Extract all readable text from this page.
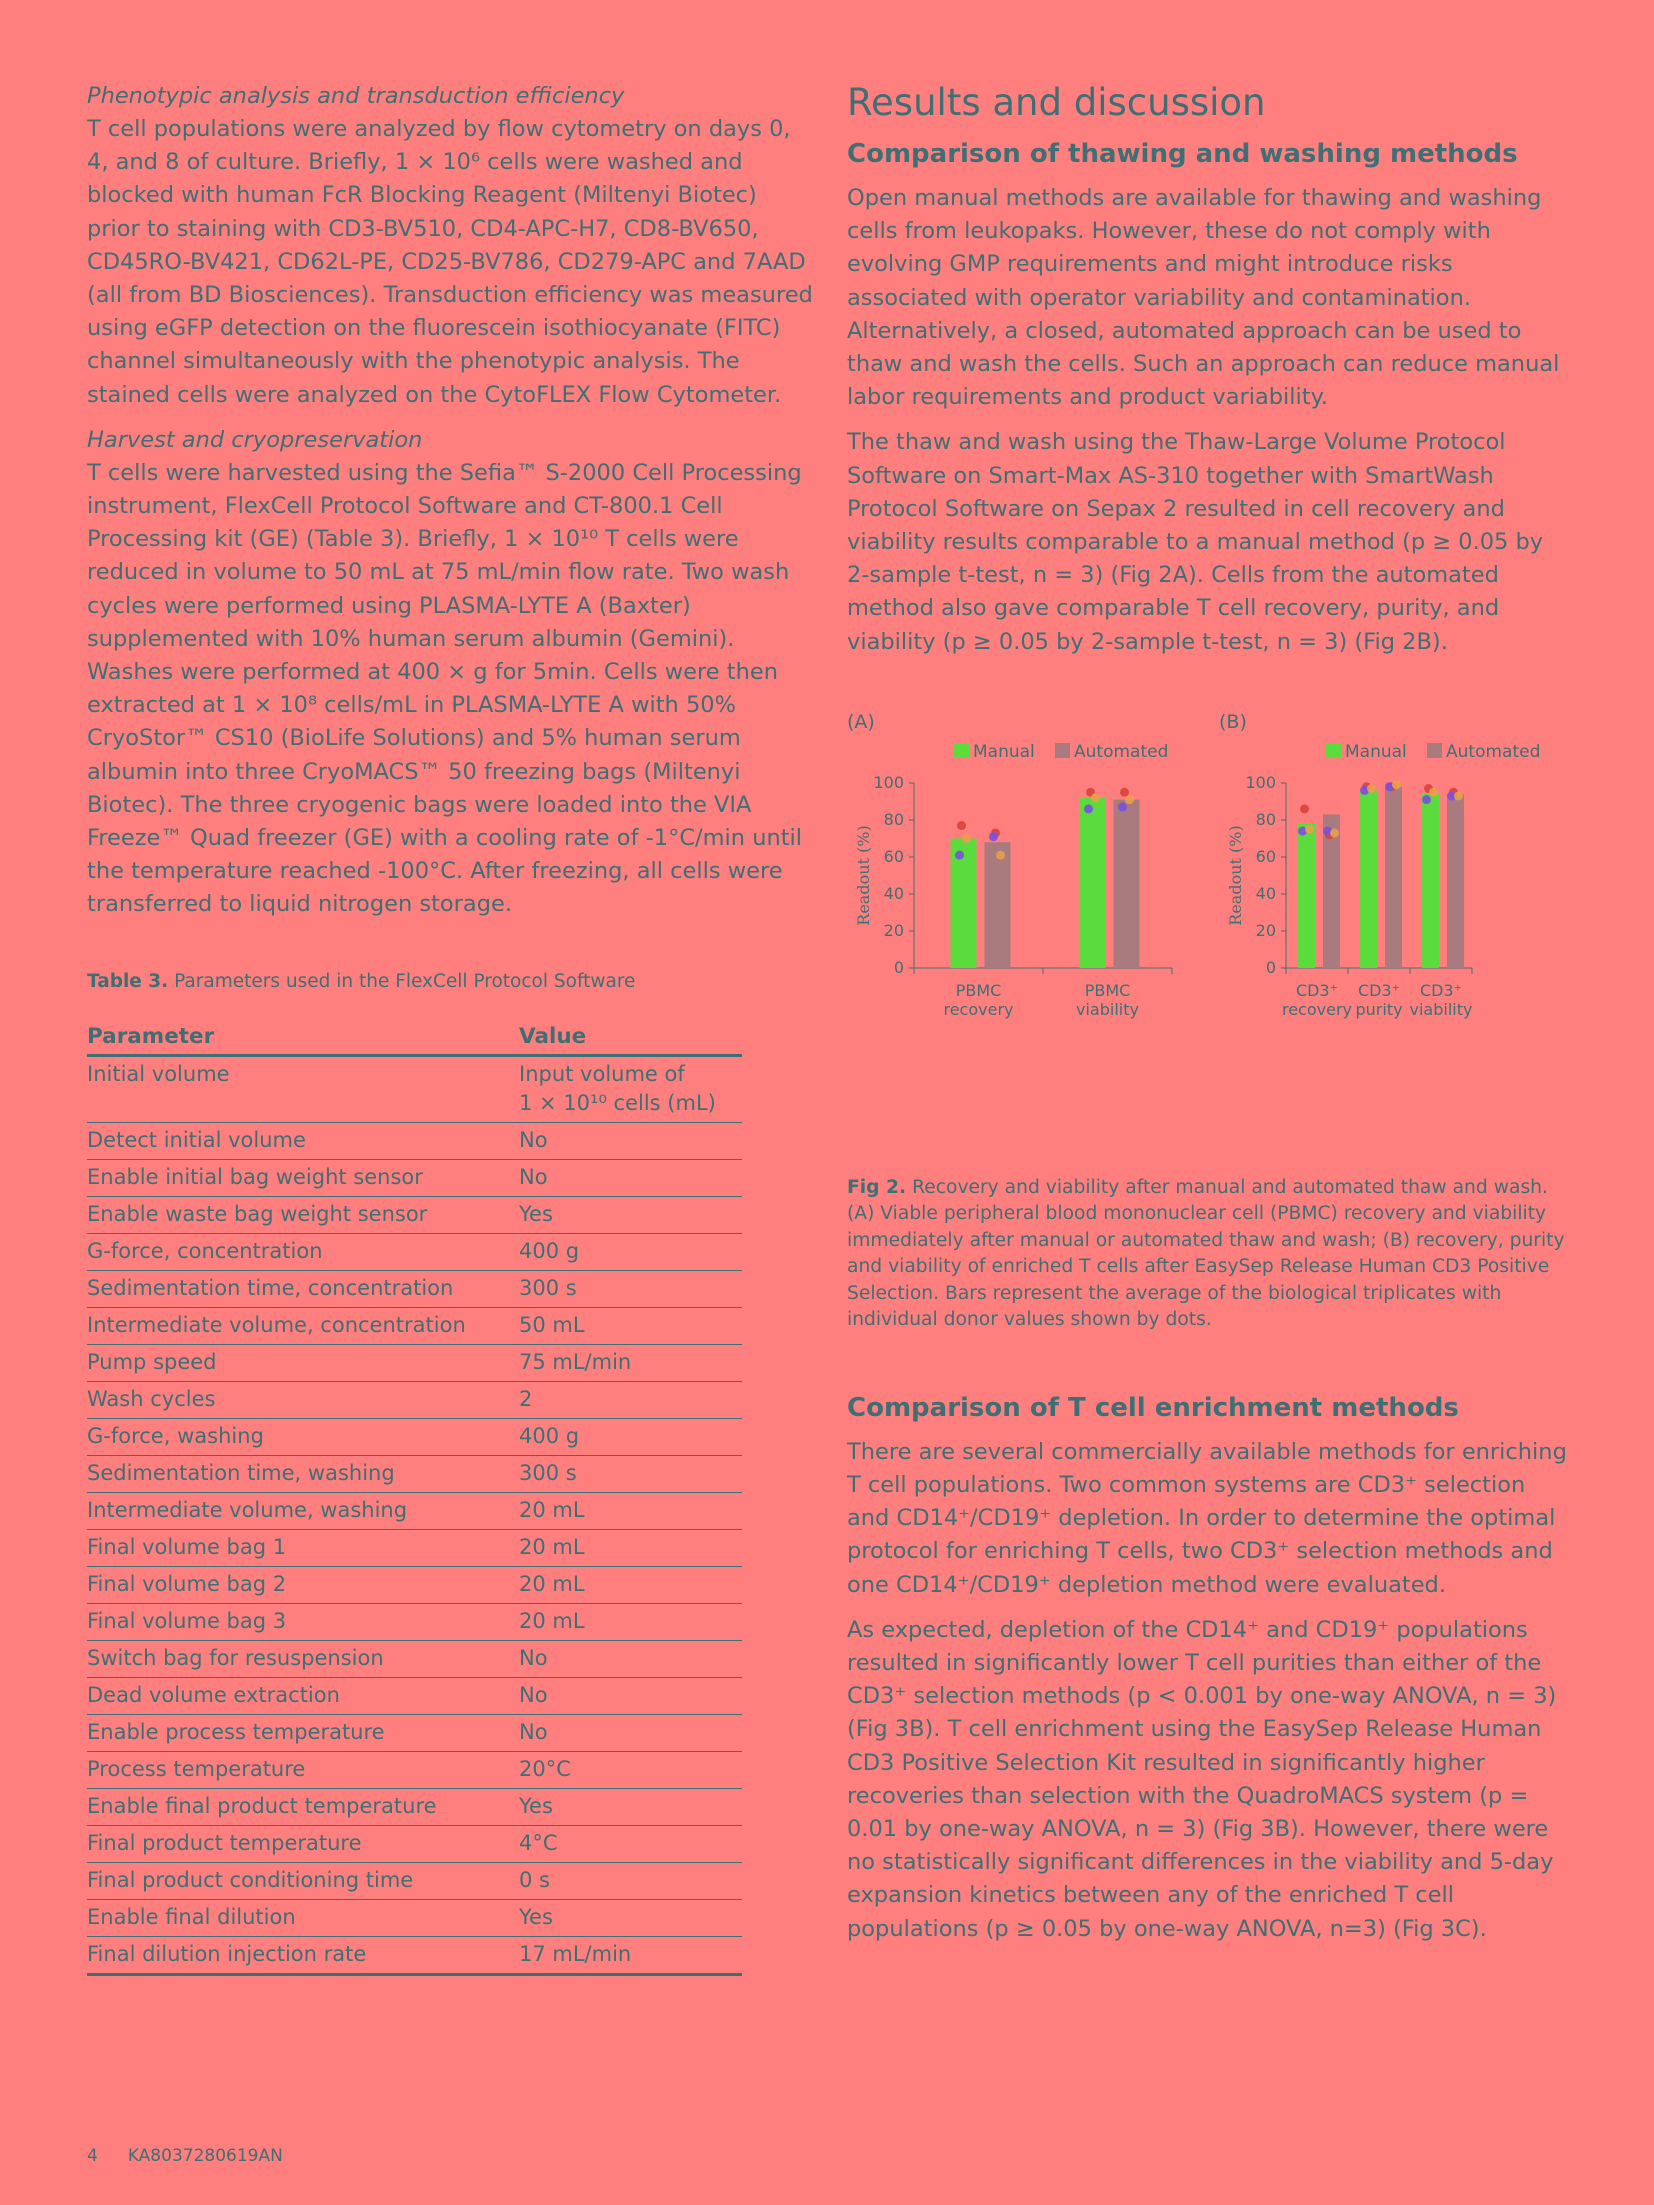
Phenotypic analysis and transduction efficiency

T cell populations were analyzed by flow cytometry on days 0, 4, and 8 of culture. Briefly, 1 × 10⁶ cells were washed and blocked with human FcR Blocking Reagent (Miltenyi Biotec) prior to staining with CD3-BV510, CD4-APC-H7, CD8-BV650, CD45RO-BV421, CD62L-PE, CD25-BV786, CD279-APC and 7AAD (all from BD Biosciences). Transduction efficiency was measured using eGFP detection on the fluorescein isothiocyanate (FITC) channel simultaneously with the phenotypic analysis. The stained cells were analyzed on the CytoFLEX Flow Cytometer.

Harvest and cryopreservation

T cells were harvested using the Sefia™ S-2000 Cell Processing instrument, FlexCell Protocol Software and CT-800.1 Cell Processing kit (GE) (Table 3). Briefly, 1 × 10¹⁰ T cells were reduced in volume to 50 mL at 75 mL/min flow rate. Two wash cycles were performed using PLASMA-LYTE A (Baxter) supplemented with 10% human serum albumin (Gemini). Washes were performed at 400 × g for 5min. Cells were then extracted at 1 × 10⁸ cells/mL in PLASMA-LYTE A with 50% CryoStor™ CS10 (BioLife Solutions) and 5% human serum albumin into three CryoMACS™ 50 freezing bags (Miltenyi Biotec). The three cryogenic bags were loaded into the VIA Freeze™ Quad freezer (GE) with a cooling rate of -1°C/min until the temperature reached -100°C. After freezing, all cells were transferred to liquid nitrogen storage.

Table 3. Parameters used in the FlexCell Protocol Software
Parameter	Value
Initial volume	Input volume of
1 × 10¹⁰ cells (mL)
Detect initial volume	No
Enable initial bag weight sensor	No
Enable waste bag weight sensor	Yes
G-force, concentration	400 g
Sedimentation time, concentration	300 s
Intermediate volume, concentration	50 mL
Pump speed	75 mL/min
Wash cycles	2
G-force, washing	400 g
Sedimentation time, washing	300 s
Intermediate volume, washing	20 mL
Final volume bag 1	20 mL
Final volume bag 2	20 mL
Final volume bag 3	20 mL
Switch bag for resuspension	No
Dead volume extraction	No
Enable process temperature	No
Process temperature	20°C
Enable final product temperature	Yes
Final product temperature	4°C
Final product conditioning time	0 s
Enable final dilution	Yes
Final dilution injection rate	17 mL/min
Results and discussion
Comparison of thawing and washing methods

Open manual methods are available for thawing and washing cells from leukopaks. However, these do not comply with evolving GMP requirements and might introduce risks associated with operator variability and contamination. Alternatively, a closed, automated approach can be used to thaw and wash the cells. Such an approach can reduce manual labor requirements and product variability.

The thaw and wash using the Thaw-Large Volume Protocol Software on Smart-Max AS-310 together with SmartWash Protocol Software on Sepax 2 resulted in cell recovery and viability results comparable to a manual method (p ≥ 0.05 by 2-sample t-test, n = 3) (Fig 2A). Cells from the automated method also gave comparable T cell recovery, purity, and viability (p ≥ 0.05 by 2-sample t-test, n = 3) (Fig 2B).

(A)
Manual Automated
0
20
40
60
80
100
Readout (%)
PBMC
recovery
PBMC
viability
(B)
Manual Automated
0
20
40
60
80
100
Readout (%)
CD3⁺
recovery
CD3⁺
purity
CD3⁺
viability

Fig 2. Recovery and viability after manual and automated thaw and wash. (A) Viable peripheral blood mononuclear cell (PBMC) recovery and viability immediately after manual or automated thaw and wash; (B) recovery, purity and viability of enriched T cells after EasySep Release Human CD3 Positive Selection. Bars represent the average of the biological triplicates with individual donor values shown by dots.

Comparison of T cell enrichment methods

There are several commercially available methods for enriching T cell populations. Two common systems are CD3⁺ selection and CD14⁺/CD19⁺ depletion. In order to determine the optimal protocol for enriching T cells, two CD3⁺ selection methods and one CD14⁺/CD19⁺ depletion method were evaluated.

As expected, depletion of the CD14⁺ and CD19⁺ populations resulted in significantly lower T cell purities than either of the CD3⁺ selection methods (p < 0.001 by one-way ANOVA, n = 3) (Fig 3B). T cell enrichment using the EasySep Release Human CD3 Positive Selection Kit resulted in significantly higher recoveries than selection with the QuadroMACS system (p = 0.01 by one-way ANOVA, n = 3) (Fig 3B). However, there were no statistically significant differences in the viability and 5-day expansion kinetics between any of the enriched T cell populations (p ≥ 0.05 by one-way ANOVA, n=3) (Fig 3C).

4 KA8037280619AN
